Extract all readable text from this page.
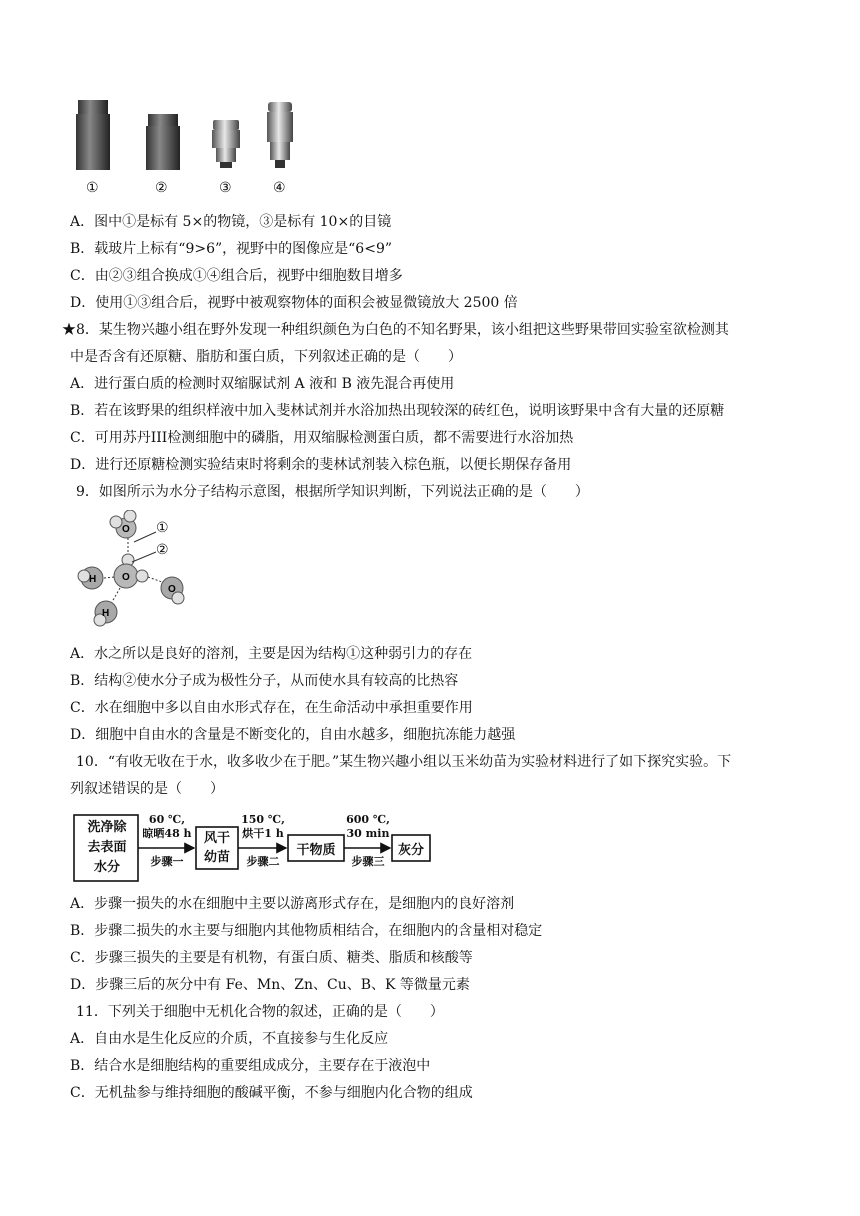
①	②	③	④
A．图中①是标有 5×的物镜，③是标有 10×的目镜
B．载玻片上标有“9>6”，视野中的图像应是“6<9”
C．由②③组合换成①④组合后，视野中细胞数目增多
D．使用①③组合后，视野中被观察物体的面积会被显微镜放大 2500 倍
★8．某生物兴趣小组在野外发现一种组织颜色为白色的不知名野果，该小组把这些野果带回实验室欲检测其
中是否含有还原糖、脂肪和蛋白质，下列叙述正确的是（　　）
A．进行蛋白质的检测时双缩脲试剂 A 液和 B 液先混合再使用
B．若在该野果的组织样液中加入斐林试剂并水浴加热出现较深的砖红色，说明该野果中含有大量的还原糖
C．可用苏丹III检测细胞中的磷脂，用双缩脲检测蛋白质，都不需要进行水浴加热
D．进行还原糖检测实验结束时将剩余的斐林试剂装入棕色瓶，以便长期保存备用
9．如图所示为水分子结构示意图，根据所学知识判断，下列说法正确的是（　　）
O
O
H
O
H
①
②
A．水之所以是良好的溶剂，主要是因为结构①这种弱引力的存在
B．结构②使水分子成为极性分子，从而使水具有较高的比热容
C．水在细胞中多以自由水形式存在，在生命活动中承担重要作用
D．细胞中自由水的含量是不断变化的，自由水越多，细胞抗冻能力越强
10．“有收无收在于水，收多收少在于肥。”某生物兴趣小组以玉米幼苗为实验材料进行了如下探究实验。下
列叙述错误的是（　　）
洗净除
去表面
水分
60 ℃,
晾晒48 h
步骤一
风干
幼苗
150 ℃,
烘干1 h
步骤二
干物质
600 ℃,
30 min
步骤三
灰分
A．步骤一损失的水在细胞中主要以游离形式存在，是细胞内的良好溶剂
B．步骤二损失的水主要与细胞内其他物质相结合，在细胞内的含量相对稳定
C．步骤三损失的主要是有机物，有蛋白质、糖类、脂质和核酸等
D．步骤三后的灰分中有 Fe、Mn、Zn、Cu、B、K 等微量元素
11．下列关于细胞中无机化合物的叙述，正确的是（　　）
A．自由水是生化反应的介质，不直接参与生化反应
B．结合水是细胞结构的重要组成成分，主要存在于液泡中
C．无机盐参与维持细胞的酸碱平衡，不参与细胞内化合物的组成
